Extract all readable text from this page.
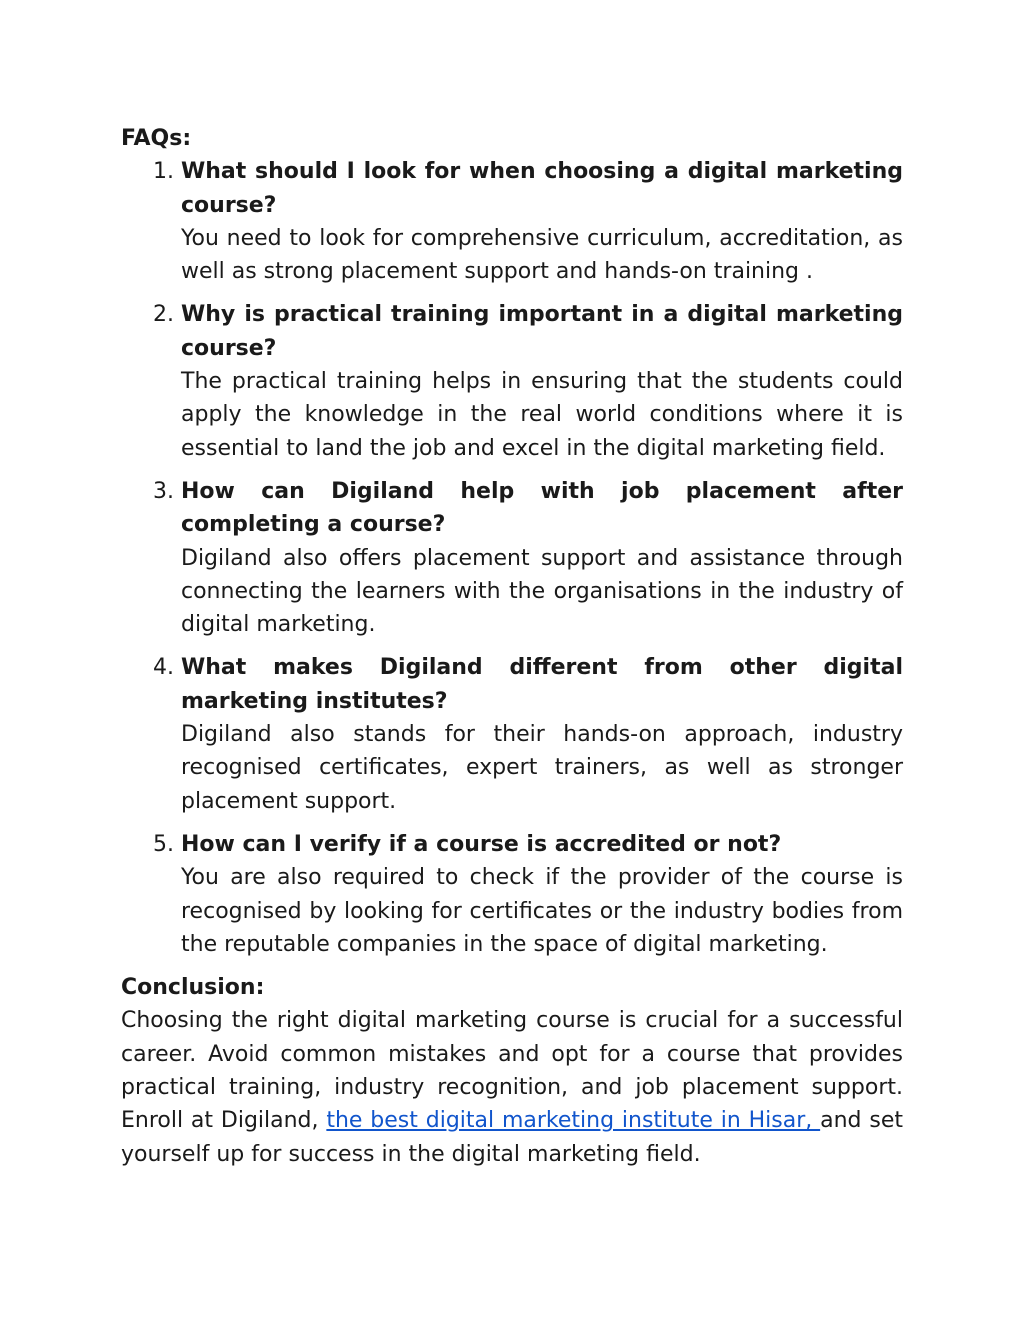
FAQs:

1. What should I look for when choosing a digital marketing course?
You need to look for comprehensive curriculum, accreditation, as well as strong placement support and hands-on training .
2. Why is practical training important in a digital marketing course?
The practical training helps in ensuring that the students could apply the knowledge in the real world conditions where it is essential to land the job and excel in the digital marketing field.
3. How can Digiland help with job placement after completing a course?
Digiland also offers placement support and assistance through connecting the learners with the organisations in the industry of digital marketing.
4. What makes Digiland different from other digital marketing institutes?
Digiland also stands for their hands-on approach, industry recognised certificates, expert trainers, as well as stronger placement support.
5. How can I verify if a course is accredited or not?
You are also required to check if the provider of the course is recognised by looking for certificates or the industry bodies from the reputable companies in the space of digital marketing.

Conclusion:

Choosing the right digital marketing course is crucial for a successful career. Avoid common mistakes and opt for a course that provides practical training, industry recognition, and job placement support. Enroll at Digiland, the best digital marketing institute in Hisar, and set yourself up for success in the digital marketing field.
